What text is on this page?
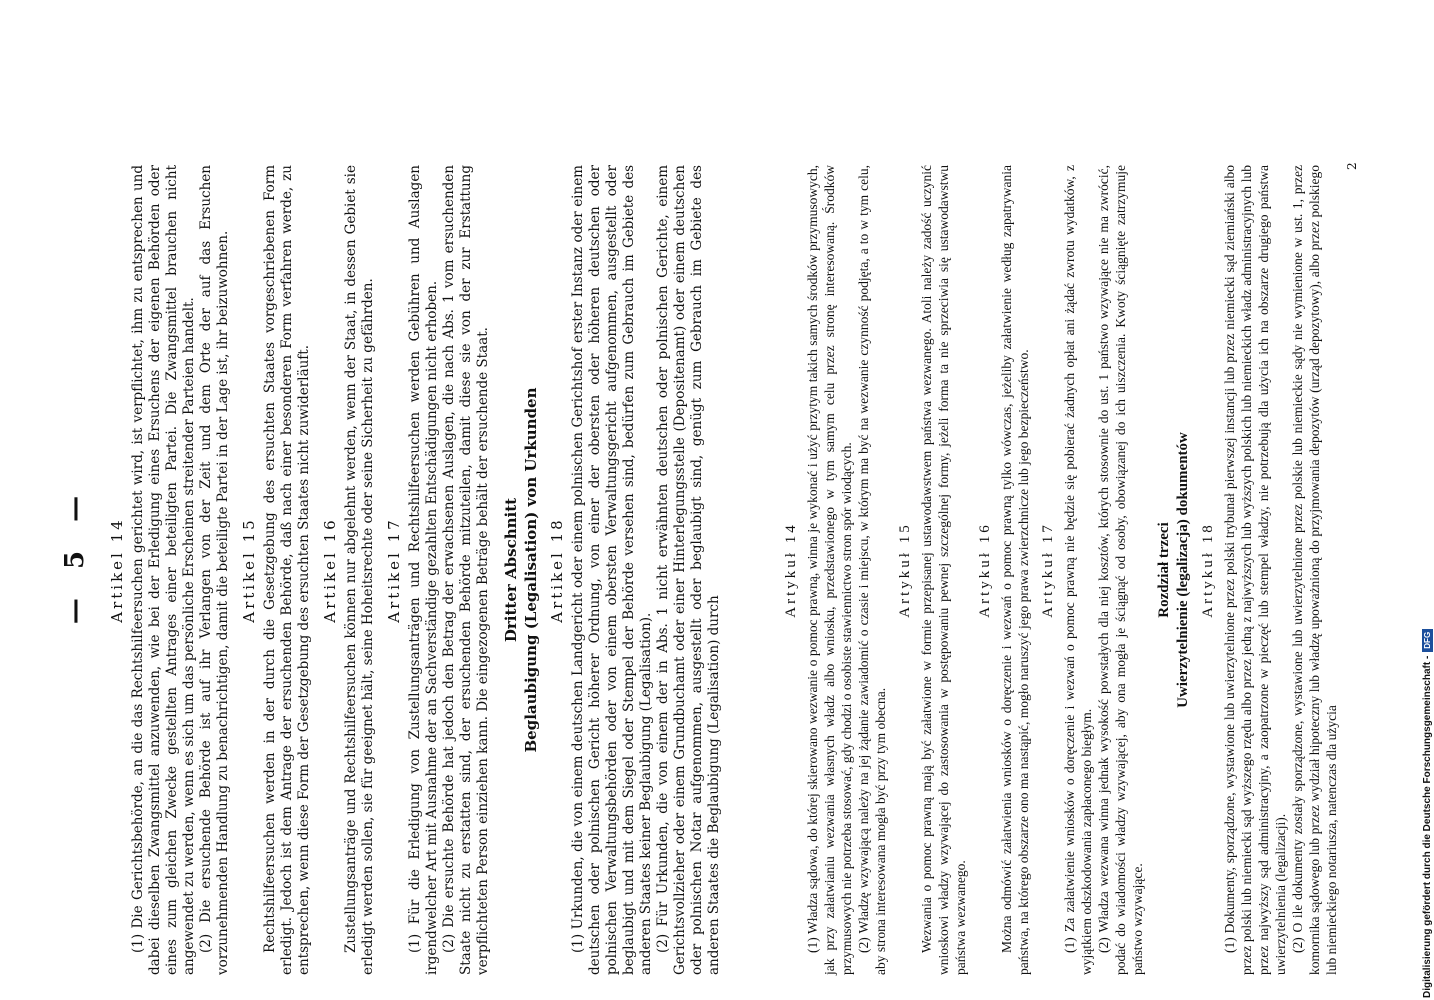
— 5 — Artikel 14 (1) Die Gerichtsbehörde, an die das Rechtshilfeersuchen gerichtet wird, ist verpflichtet, ihm zu entsprechen und dabei dieselben Zwangsmittel anzuwenden, wie bei der Erledigung eines Ersuchens der eigenen Behörden oder eines zum gleichen Zwecke gestellten Antrages einer beteiligten Partei. Die Zwangsmittel brauchen nicht angewendet zu werden, wenn es sich um das persönliche Erscheinen streitender Parteien handelt. (2) Die ersuchende Behörde ist auf ihr Verlangen von der Zeit und dem Orte der auf das Ersuchen vorzunehmenden Handlung zu benachrichtigen, damit die beteiligte Partei in der Lage ist, ihr beizuwohnen. Artikel 15 Rechtshilfeersuchen werden in der durch die Gesetzgebung des ersuchten Staates vorgeschriebenen Form erledigt. Jedoch ist dem Antrage der ersuchenden Behörde, daß nach einer besonderen Form verfahren werde, zu entsprechen, wenn diese Form der Gesetzgebung des ersuchten Staates nicht zuwiderläuft. Artikel 16 Zustellungsanträge und Rechtshilfeersuchen können nur abgelehnt werden, wenn der Staat, in dessen Gebiet sie erledigt werden sollen, sie für geeignet hält, seine Hoheitsrechte oder seine Sicherheit zu gefährden. Artikel 17 (1) Für die Erledigung von Zustellungsanträgen und Rechtshilfeersuchen werden Gebühren und Auslagen irgendwelcher Art mit Ausnahme der an Sachverständige gezahlten Entschädigungen nicht erhoben. (2) Die ersuchte Behörde hat jedoch den Betrag der erwachsenen Auslagen, die nach Abs. 1 vom ersuchenden Staate nicht zu erstatten sind, der ersuchenden Behörde mitzuteilen, damit diese sie von der zur Erstattung verpflichteten Person einziehen kann. Die eingezogenen Beträge behält der ersuchende Staat. Dritter Abschnitt Beglaubigung (Legalisation) von Urkunden Artikel 18 (1) Urkunden, die von einem deutschen Landgericht oder einem polnischen Gerichtshof erster Instanz oder einem deutschen oder polnischen Gericht höherer Ordnung, von einer der obersten oder höheren deutschen oder polnischen Verwaltungsbehörden oder von einem obersten Verwaltungsgericht aufgenommen, ausgestellt oder beglaubigt und mit dem Siegel oder Stempel der Behörde versehen sind, bedürfen zum Gebrauch im Gebiete des anderen Staates keiner Beglaubigung (Legalisation). (2) Für Urkunden, die von einem der in Abs. 1 nicht erwähnten deutschen oder polnischen Gerichte, einem Gerichtsvollzieher oder einem Grundbuchamt oder einer Hinterlegungsstelle (Depositenamt) oder einem deutschen oder polnischen Notar aufgenommen, ausgestellt oder beglaubigt sind, genügt zum Gebrauch im Gebiete des anderen Staates die Beglaubigung (Legalisation) durch

Artykuł 14 (1) Władza sądowa, do której skierowano wezwanie o pomoc prawną, winna je wykonać i użyć przytym takich samych środków przymusowych, jak przy załatwianiu wezwania własnych władz albo wniosku, przedstawionego w tym samym celu przez stronę interesowaną. Środków przymusowych nie potrzeba stosować, gdy chodzi o osobiste stawiennictwo stron spór wiodących. (2) Władzę wzywającą należy na jej żądanie zawiadomić o czasie i miejscu, w którym ma być na wezwanie czynność podjęta, a to w tym celu, aby strona interesowana mogła być przy tym obecna.

Artykuł 15 Wezwania o pomoc prawną mają być załatwione w formie przepisanej ustawodawstwem państwa wezwanego. Atoli należy zadość uczynić wnioskowi władzy wzywającej do zastosowania w postępowaniu pewnej szczególnej formy, jeżeli forma ta nie sprzeciwia się ustawodawstwu państwa wezwanego.

Artykuł 16 Można odmówić załatwienia wniosków o doręczenie i wezwań o pomoc prawną tylko wówczas, jeżeliby załatwienie według zapatrywania państwa, na którego obszarze ono ma nastąpić, mogło naruszyć jego prawa zwierzchnicze lub jego bezpieczeństwo. Artykuł 17 (1) Za załatwienie wniosków o doręczenie i wezwań o pomoc prawną nie będzie się pobierać żadnych opłat ani żądać zwrotu wydatków, z wyjątkiem odszkodowania zapłaconego biegłym. (2) Władza wezwana winna jednak wysokość powstałych dla niej kosztów, których stosownie do ust. 1 państwo wzywające nie ma zwrócić, podać do wiadomości władzy wzywającej, aby ona mogła je ściągnąć od osoby, obowiązanej do ich uiszczenia. Kwoty ściągnięte zatrzymuje państwo wzywające.

Rozdział trzeci Uwierzytelnienie (legalizacja) dokumentów Artykuł 18 (1) Dokumenty, sporządzone, wystawione lub uwierzytelnione przez polski trybunał pierwszej instancji lub przez niemiecki sąd ziemiański albo przez polski lub niemiecki sąd wyższego rzędu albo przez jedną z najwyższych lub wyższych polskich lub niemieckich władz administracyjnych lub przez najwyższy sąd administracyjny, a zaopatrzone w pieczęć lub stempel władzy, nie potrzebują dla użycia ich na obszarze drugiego państwa uwierzytelnienia (legalizacji). (2) O ile dokumenty zostały sporządzone, wystawione lub uwierzytelnione przez polskie lub niemieckie sądy nie wymienione w ust. 1, przez komornika sądowego lub przez wydział hipoteczny lub władzę upoważnioną do przyjmowania depozytów (urząd depozytowy), albo przez polskiego lub niemieckiego notariusza, natenczas dla użycia

2
Digitalisierung gefördert durch die Deutsche Forschungsgemeinschaft -DFG
